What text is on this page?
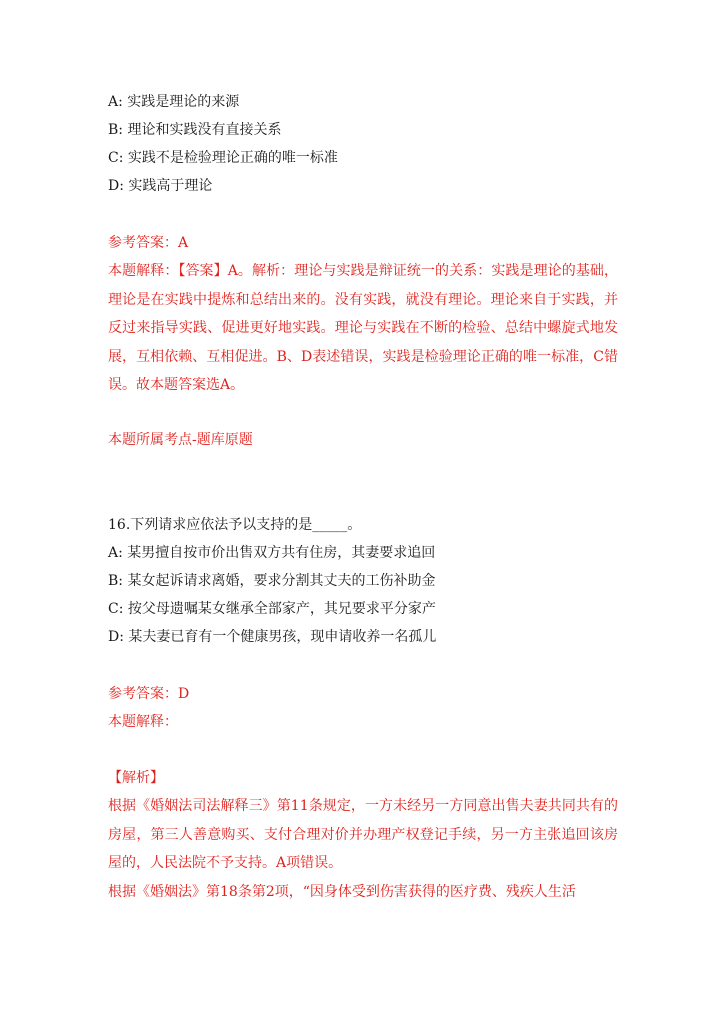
A: 实践是理论的来源
B: 理论和实践没有直接关系
C: 实践不是检验理论正确的唯一标准
D: 实践高于理论
参考答案：A
本题解释：【答案】A。解析：理论与实践是辩证统一的关系：实践是理论的基础，理论是在实践中提炼和总结出来的。没有实践，就没有理论。理论来自于实践，并反过来指导实践、促进更好地实践。理论与实践在不断的检验、总结中螺旋式地发展，互相依赖、互相促进。B、D表述错误，实践是检验理论正确的唯一标准，C错误。故本题答案选A。
本题所属考点-题库原题
16.下列请求应依法予以支持的是_____。
A: 某男擅自按市价出售双方共有住房，其妻要求追回
B: 某女起诉请求离婚，要求分割其丈夫的工伤补助金
C: 按父母遗嘱某女继承全部家产，其兄要求平分家产
D: 某夫妻已育有一个健康男孩，现申请收养一名孤儿
参考答案：D
本题解释：
【解析】
根据《婚姻法司法解释三》第11条规定，一方未经另一方同意出售夫妻共同共有的房屋，第三人善意购买、支付合理对价并办理产权登记手续，另一方主张追回该房屋的，人民法院不予支持。A项错误。
根据《婚姻法》第18条第2项，“因身体受到伤害获得的医疗费、残疾人生活
